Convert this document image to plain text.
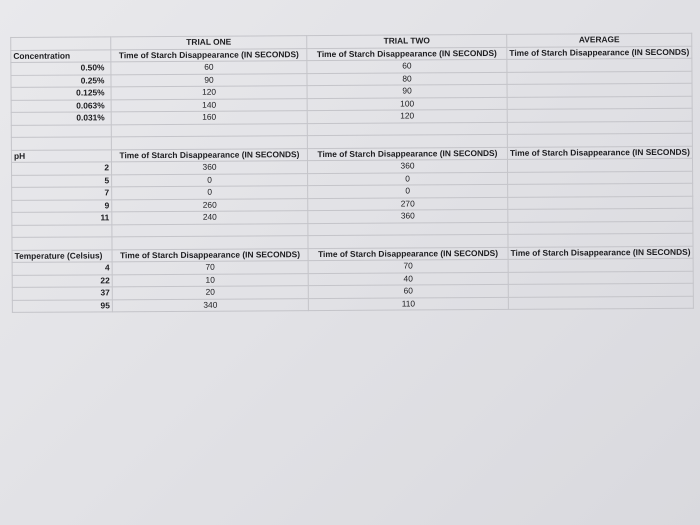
	TRIAL ONE	TRIAL TWO	AVERAGE
Concentration	Time of Starch Disappearance (IN SECONDS)	Time of Starch Disappearance (IN SECONDS)	Time of Starch Disappearance (IN SECONDS)
0.50%	60	60	
0.25%	90	80	
0.125%	120	90	
0.063%	140	100	
0.031%	160	120	

pH	Time of Starch Disappearance (IN SECONDS)	Time of Starch Disappearance (IN SECONDS)	Time of Starch Disappearance (IN SECONDS)
2	360	360	
5	0	0	
7	0	0	
9	260	270	
11	240	360	

Temperature (Celsius)	Time of Starch Disappearance (IN SECONDS)	Time of Starch Disappearance (IN SECONDS)	Time of Starch Disappearance (IN SECONDS)
4	70	70	
22	10	40	
37	20	60	
95	340	110	
